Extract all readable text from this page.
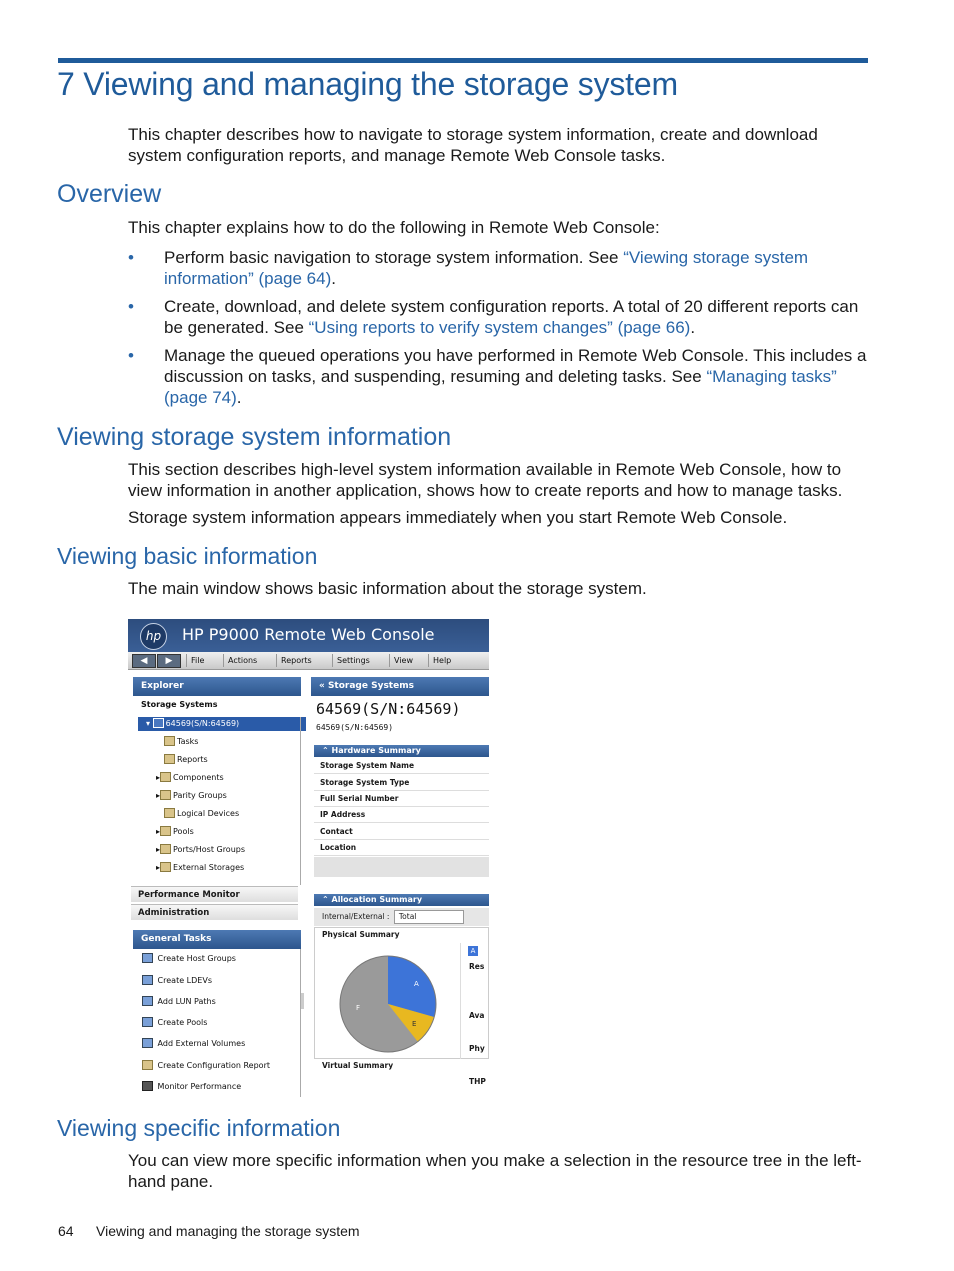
7 Viewing and managing the storage system

This chapter describes how to navigate to storage system information, create and download system configuration reports, and manage Remote Web Console tasks.

Overview

This chapter explains how to do the following in Remote Web Console:

• Perform basic navigation to storage system information. See “Viewing storage system information” (page 64).
• Create, download, and delete system configuration reports. A total of 20 different reports can be generated. See “Using reports to verify system changes” (page 66).
• Manage the queued operations you have performed in Remote Web Console. This includes a discussion on tasks, and suspending, resuming and deleting tasks. See “Managing tasks” (page 74).
Viewing storage system information

This section describes high-level system information available in Remote Web Console, how to view information in another application, shows how to create reports and how to manage tasks.

Storage system information appears immediately when you start Remote Web Console.

Viewing basic information

The main window shows basic information about the storage system.

hp	HP P9000 Remote Web Console
◀	▶	File	Actions	Reports	Settings	View	Help
Explorer
Storage Systems
▾ 64569(S/N:64569)
Tasks
Reports
▸ Components
▸ Parity Groups
Logical Devices
▸ Pools
▸ Ports/Host Groups
▸ External Storages
Performance Monitor
Administration
General Tasks
Create Host Groups
Create LDEVs
Add LUN Paths
Create Pools
Add External Volumes
Create Configuration Report
Monitor Performance
« Storage Systems
64569(S/N:64569)
64569(S/N:64569)
⌃ Hardware Summary
Storage System Name
Storage System Type
Full Serial Number
IP Address
Contact
Location
⌃ Allocation Summary
Internal/External : Total
Physical Summary
A
F
E
A
Res
Ava
Phy
Virtual Summary
THP
Viewing specific information

You can view more specific information when you make a selection in the resource tree in the left-hand pane.

64 Viewing and managing the storage system
